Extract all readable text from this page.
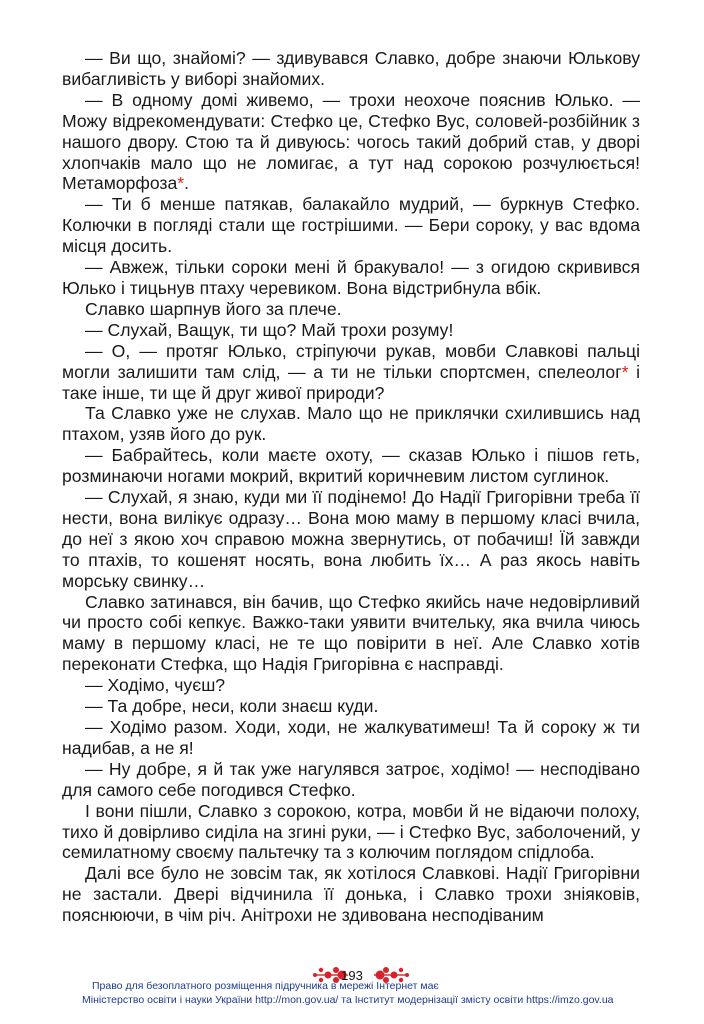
— Ви що, знайомі? — здивувався Славко, добре знаючи Юлькову вибагливість у виборі знайомих.

— В одному домі живемо, — трохи неохоче пояснив Юлько. — Можу відрекомендувати: Стефко це, Стефко Вус, соловей-розбійник з нашого двору. Стою та й дивуюсь: чогось такий добрий став, у дворі хлопчаків мало що не ломигає, а тут над сорокою розчулюється! Метаморфоза*.

— Ти б менше патякав, балакайло мудрий, — буркнув Стефко. Колючки в погляді стали ще гострішими. — Бери сороку, у вас вдома місця досить.

— Авжеж, тільки сороки мені й бракувало! — з огидою скривився Юлько і тицьнув птаху черевиком. Вона відстрибнула вбік.

Славко шарпнув його за плече.

— Слухай, Ващук, ти що? Май трохи розуму!

— О, — протяг Юлько, стріпуючи рукав, мовби Славкові пальці могли залишити там слід, — а ти не тільки спортсмен, спелеолог* і таке інше, ти ще й друг живої природи?

Та Славко уже не слухав. Мало що не приклячки схилившись над птахом, узяв його до рук.

— Бабрайтесь, коли маєте охоту, — сказав Юлько і пішов геть, розминаючи ногами мокрий, вкритий коричневим листом суглинок.

— Слухай, я знаю, куди ми її подінемо! До Надії Григорівни треба її нести, вона вилікує одразу… Вона мою маму в першому класі вчила, до неї з якою хоч справою можна звернутись, от побачиш! Їй завжди то птахів, то кошенят носять, вона любить їх… А раз якось навіть морську свинку…

Славко затинався, він бачив, що Стефко якийсь наче недовірливий чи просто собі кепкує. Важко-таки уявити вчительку, яка вчила чиюсь маму в першому класі, не те що повірити в неї. Але Славко хотів переконати Стефка, що Надія Григорівна є насправді.

— Ходімо, чуєш?

— Та добре, неси, коли знаєш куди.

— Ходімо разом. Ходи, ходи, не жалкуватимеш! Та й сороку ж ти надибав, а не я!

— Ну добре, я й так уже нагулявся затроє, ходімо! — несподівано для самого себе погодився Стефко.

І вони пішли, Славко з сорокою, котра, мовби й не відаючи полоху, тихо й довірливо сиділа на згині руки, — і Стефко Вус, заболочений, у семилатному своєму пальтечку та з колючим поглядом спідлоба.

Далі все було не зовсім так, як хотілося Славкові. Надії Григорівни не застали. Двері відчинила її донька, і Славко трохи зніяковів, пояснюючи, в чім річ. Анітрохи не здивована несподіваним

193
Право для безоплатного розміщення підручника в мережі Інтернет має
Міністерство освіти і науки України http://mon.gov.ua/ та Інститут модернізації змісту освіти https://imzo.gov.ua
